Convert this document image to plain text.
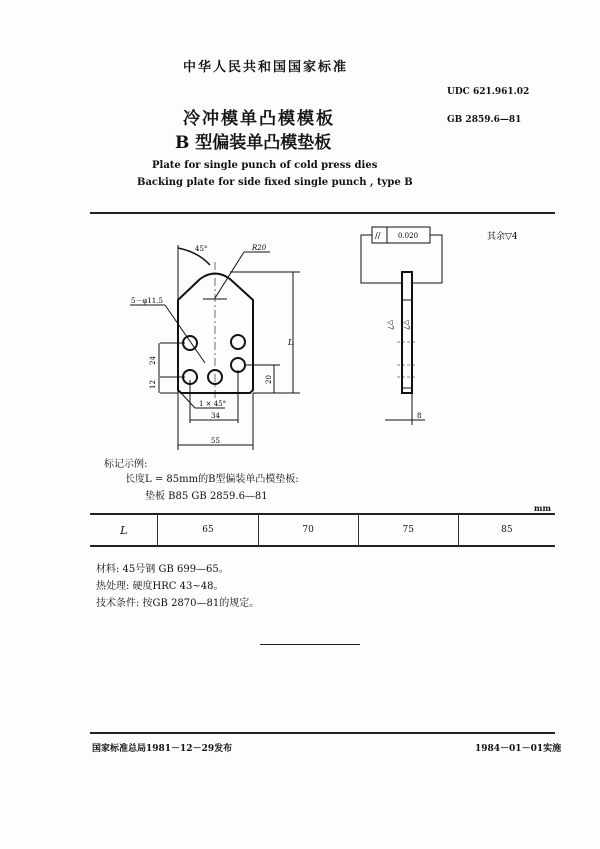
中华人民共和国国家标准
UDC 621.961.02
GB 2859.6—81
冷冲模单凸模模板
B 型偏装单凸模垫板
Plate for single punch of cold press dies
Backing plate for side fixed single punch , type B
45°	R20
5－φ11.5
L
24
12
20
1 × 45°
34
55
//	0.020
▽7 ▽7
8
其余▽4
标记示例:
长度L = 85mm的B型偏装单凸模垫板:
垫板 B85 GB 2859.6—81
mm
L	65	70	75	85
材料: 45号钢 GB 699—65。
热处理: 硬度HRC 43~48。
技术条件: 按GB 2870—81的规定。
国家标准总局1981－12－29发布	1984－01－01实施
